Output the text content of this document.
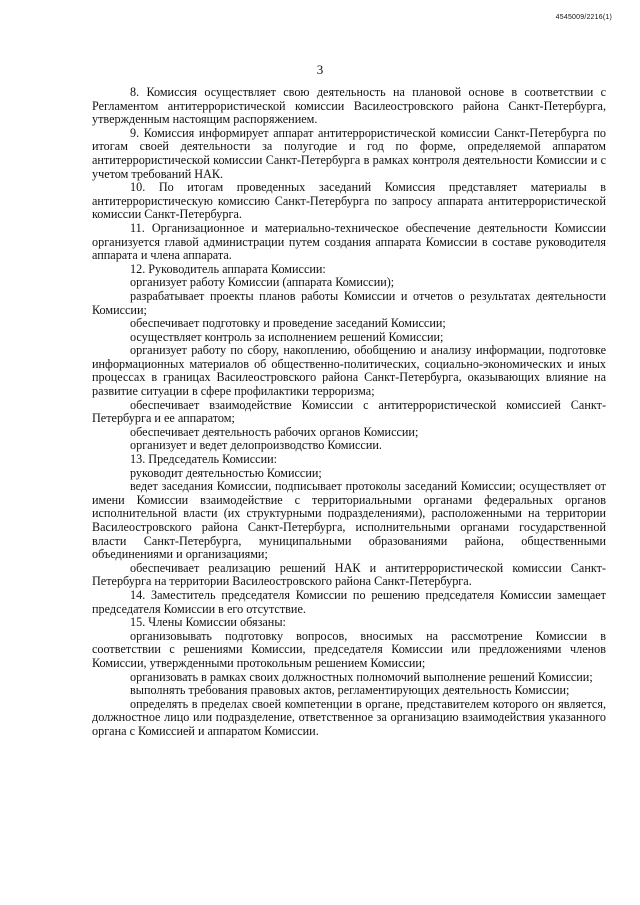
4545009/2216(1)
3

8. Комиссия осуществляет свою деятельность на плановой основе в соответствии с Регламентом антитеррористической комиссии Василеостровского района Санкт-Петербурга, утвержденным настоящим распоряжением.

9. Комиссия информирует аппарат антитеррористической комиссии Санкт-Петербурга по итогам своей деятельности за полугодие и год по форме, определяемой аппаратом антитеррористической комиссии Санкт-Петербурга в рамках контроля деятельности Комиссии и с учетом требований НАК.

10. По итогам проведенных заседаний Комиссия представляет материалы в антитеррористическую комиссию Санкт-Петербурга по запросу аппарата антитеррористической комиссии Санкт-Петербурга.

11. Организационное и материально-техническое обеспечение деятельности Комиссии организуется главой администрации путем создания аппарата Комиссии в составе руководителя аппарата и члена аппарата.

12. Руководитель аппарата Комиссии:

организует работу Комиссии (аппарата Комиссии);

разрабатывает проекты планов работы Комиссии и отчетов о результатах деятельности Комиссии;

обеспечивает подготовку и проведение заседаний Комиссии;

осуществляет контроль за исполнением решений Комиссии;

организует работу по сбору, накоплению, обобщению и анализу информации, подготовке информационных материалов об общественно-политических, социально-экономических и иных процессах в границах Василеостровского района Санкт-Петербурга, оказывающих влияние на развитие ситуации в сфере профилактики терроризма;

обеспечивает взаимодействие Комиссии с антитеррористической комиссией Санкт-Петербурга и ее аппаратом;

обеспечивает деятельность рабочих органов Комиссии;

организует и ведет делопроизводство Комиссии.

13. Председатель Комиссии:

руководит деятельностью Комиссии;

ведет заседания Комиссии, подписывает протоколы заседаний Комиссии; осуществляет от имени Комиссии взаимодействие с территориальными органами федеральных органов исполнительной власти (их структурными подразделениями), расположенными на территории Василеостровского района Санкт-Петербурга, исполнительными органами государственной власти Санкт-Петербурга, муниципальными образованиями района, общественными объединениями и организациями;

обеспечивает реализацию решений НАК и антитеррористической комиссии Санкт-Петербурга на территории Василеостровского района Санкт-Петербурга.

14. Заместитель председателя Комиссии по решению председателя Комиссии замещает председателя Комиссии в его отсутствие.

15. Члены Комиссии обязаны:

организовывать подготовку вопросов, вносимых на рассмотрение Комиссии в соответствии с решениями Комиссии, председателя Комиссии или предложениями членов Комиссии, утвержденными протокольным решением Комиссии;

организовать в рамках своих должностных полномочий выполнение решений Комиссии;

выполнять требования правовых актов, регламентирующих деятельность Комиссии;

определять в пределах своей компетенции в органе, представителем которого он является, должностное лицо или подразделение, ответственное за организацию взаимодействия указанного органа с Комиссией и аппаратом Комиссии.
